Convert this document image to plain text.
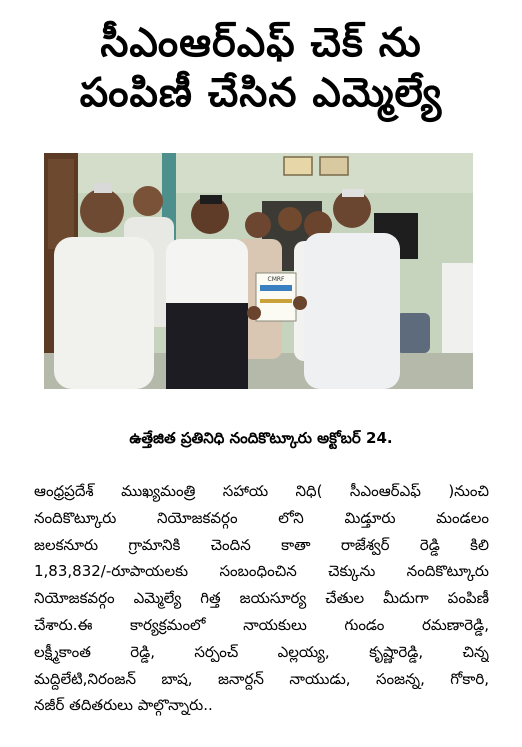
సీఎంఆర్ఎఫ్ చెక్ ను
పంపిణీ చేసిన ఎమ్మెల్యే
CMRF
ఉత్తేజిత ప్రతినిధి నందికొట్కూరు అక్టోబర్ 24.
ఆంధ్రప్రదేశ్ ముఖ్యమంత్రి సహాయ నిధి( సీఎంఆర్ఎఫ్ )నుంచి
నందికొట్కూరు నియోజకవర్గం లోని మిడ్తూరు మండలం
జలకనూరు గ్రామానికి చెందిన కాతా రాజేశ్వర్ రెడ్డి కిలి
1,83,832/-రూపాయలకు సంబంధించిన చెక్కును నందికొట్కూరు
నియోజకవర్గం ఎమ్మెల్యే గిత్త జయసూర్య చేతుల మీదుగా పంపిణీ
చేశారు.ఈ కార్యక్రమంలో నాయకులు గుండం రమణారెడ్డి,
లక్ష్మీకాంత రెడ్డి, సర్పంచ్ ఎల్లయ్య, కృష్ణారెడ్డి, చిన్న
మద్దిలేటి,నిరంజన్ బాష, జనార్దన్ నాయుడు, సంజన్న, గోకారి,
నజీర్ తదితరులు పాల్గొన్నారు..
